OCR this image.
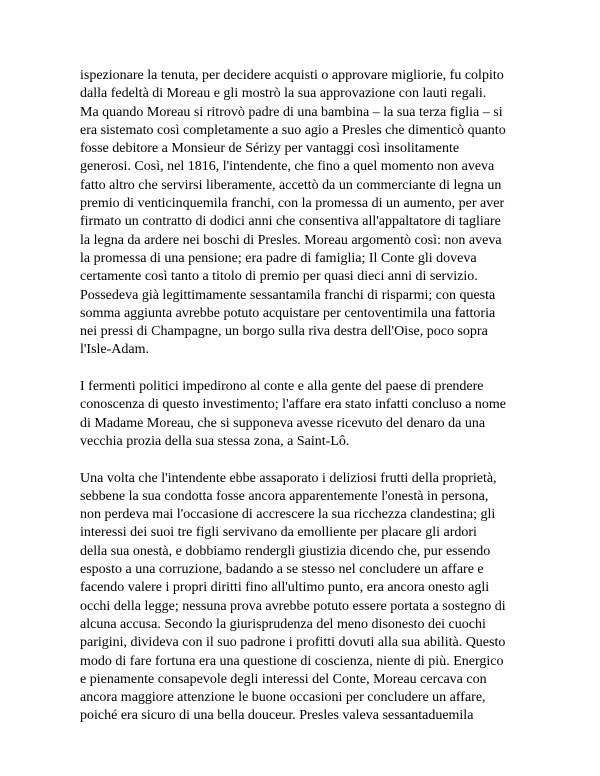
ispezionare la tenuta, per decidere acquisti o approvare migliorie, fu colpito
dalla fedeltà di Moreau e gli mostrò la sua approvazione con lauti regali.
Ma quando Moreau si ritrovò padre di una bambina – la sua terza figlia – si
era sistemato così completamente a suo agio a Presles che dimenticò quanto
fosse debitore a Monsieur de Sérizy per vantaggi così insolitamente
generosi. Così, nel 1816, l'intendente, che fino a quel momento non aveva
fatto altro che servirsi liberamente, accettò da un commerciante di legna un
premio di venticinquemila franchi, con la promessa di un aumento, per aver
firmato un contratto di dodici anni che consentiva all'appaltatore di tagliare
la legna da ardere nei boschi di Presles. Moreau argomentò così: non aveva
la promessa di una pensione; era padre di famiglia; Il Conte gli doveva
certamente così tanto a titolo di premio per quasi dieci anni di servizio.
Possedeva già legittimamente sessantamila franchi di risparmi; con questa
somma aggiunta avrebbe potuto acquistare per centoventimila una fattoria
nei pressi di Champagne, un borgo sulla riva destra dell'Oise, poco sopra
l'Isle-Adam.

I fermenti politici impedirono al conte e alla gente del paese di prendere
conoscenza di questo investimento; l'affare era stato infatti concluso a nome
di Madame Moreau, che si supponeva avesse ricevuto del denaro da una
vecchia prozia della sua stessa zona, a Saint-Lô.

Una volta che l'intendente ebbe assaporato i deliziosi frutti della proprietà,
sebbene la sua condotta fosse ancora apparentemente l'onestà in persona,
non perdeva mai l'occasione di accrescere la sua ricchezza clandestina; gli
interessi dei suoi tre figli servivano da emolliente per placare gli ardori
della sua onestà, e dobbiamo rendergli giustizia dicendo che, pur essendo
esposto a una corruzione, badando a se stesso nel concludere un affare e
facendo valere i propri diritti fino all'ultimo punto, era ancora onesto agli
occhi della legge; nessuna prova avrebbe potuto essere portata a sostegno di
alcuna accusa. Secondo la giurisprudenza del meno disonesto dei cuochi
parigini, divideva con il suo padrone i profitti dovuti alla sua abilità. Questo
modo di fare fortuna era una questione di coscienza, niente di più. Energico
e pienamente consapevole degli interessi del Conte, Moreau cercava con
ancora maggiore attenzione le buone occasioni per concludere un affare,
poiché era sicuro di una bella douceur. Presles valeva sessantaduemila
